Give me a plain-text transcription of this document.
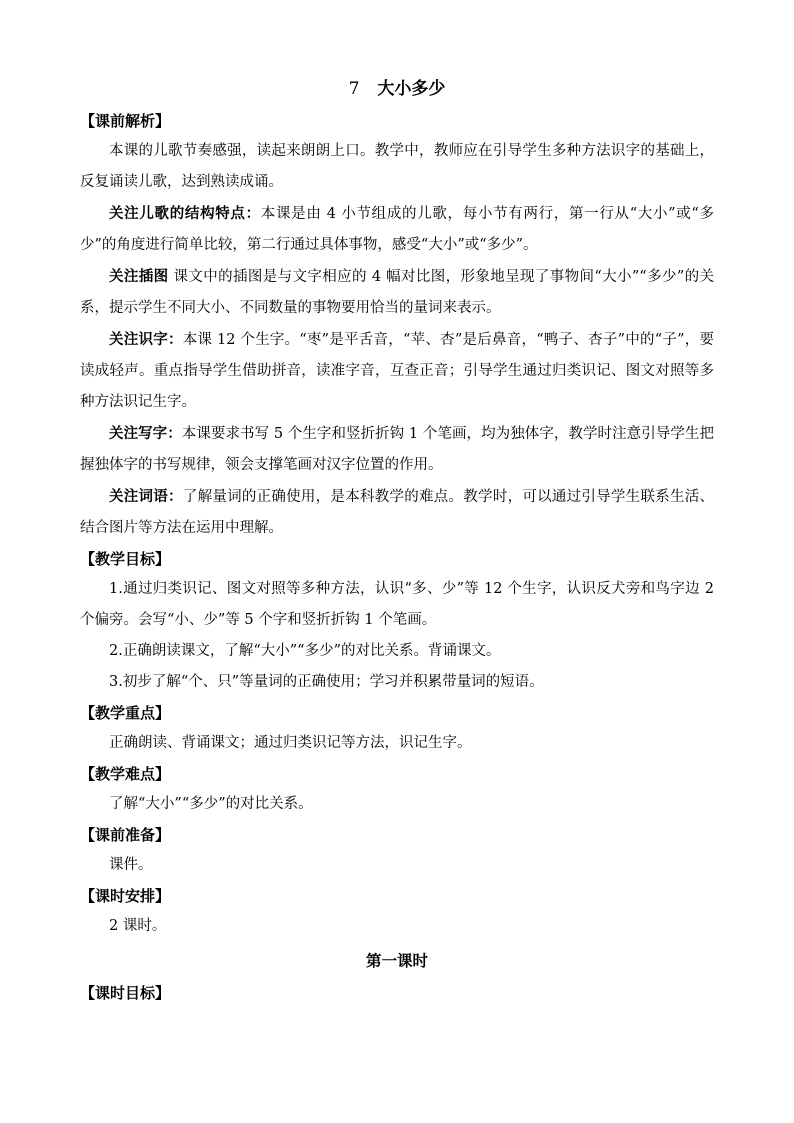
7 大小多少
【课前解析】

本课的儿歌节奏感强，读起来朗朗上口。教学中，教师应在引导学生多种方法识字的基础上，反复诵读儿歌，达到熟读成诵。

关注儿歌的结构特点：本课是由 4 小节组成的儿歌，每小节有两行，第一行从“大小”或“多少”的角度进行简单比较，第二行通过具体事物，感受“大小”或“多少”。

关注插图 课文中的插图是与文字相应的 4 幅对比图，形象地呈现了事物间“大小”“多少”的关系，提示学生不同大小、不同数量的事物要用恰当的量词来表示。

关注识字：本课 12 个生字。“枣”是平舌音，“苹、杏”是后鼻音，“鸭子、杏子”中的“子”，要读成轻声。重点指导学生借助拼音，读准字音，互查正音；引导学生通过归类识记、图文对照等多种方法识记生字。

关注写字：本课要求书写 5 个生字和竖折折钩 1 个笔画，均为独体字，教学时注意引导学生把握独体字的书写规律，领会支撑笔画对汉字位置的作用。

关注词语：了解量词的正确使用，是本科教学的难点。教学时，可以通过引导学生联系生活、结合图片等方法在运用中理解。

【教学目标】

1.通过归类识记、图文对照等多种方法，认识“多、少”等 12 个生字，认识反犬旁和鸟字边 2 个偏旁。会写“小、少”等 5 个字和竖折折钩 1 个笔画。

2.正确朗读课文，了解“大小”“多少”的对比关系。背诵课文。

3.初步了解“个、只”等量词的正确使用；学习并积累带量词的短语。

【教学重点】

正确朗读、背诵课文；通过归类识记等方法，识记生字。

【教学难点】

了解“大小”“多少”的对比关系。

【课前准备】

课件。

【课时安排】

2 课时。

第一课时
【课时目标】
